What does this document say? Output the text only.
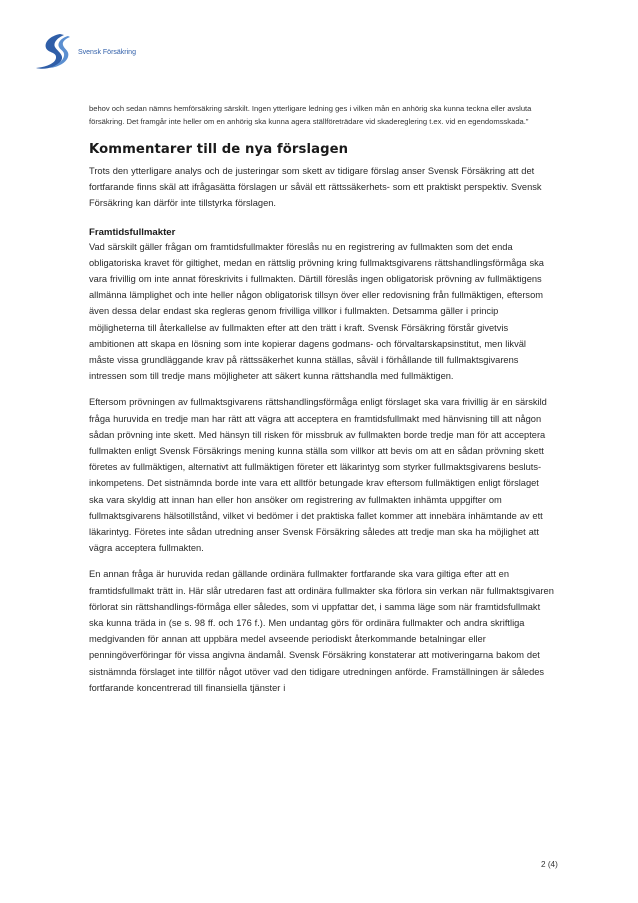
Svensk Försäkring

behov och sedan nämns hemförsäkring särskilt. Ingen ytterligare ledning ges i vilken mån en anhörig ska kunna teckna eller avsluta försäkring. Det framgår inte heller om en anhörig ska kunna agera ställföreträdare vid skadereglering t.ex. vid en egendomsskada.”

Kommentarer till de nya förslagen

Trots den ytterligare analys och de justeringar som skett av tidigare förslag anser Svensk Försäkring att det fortfarande finns skäl att ifrågasätta förslagen ur såväl ett rättssäkerhets- som ett praktiskt perspektiv. Svensk Försäkring kan därför inte tillstyrka förslagen.

Framtidsfullmakter

Vad särskilt gäller frågan om framtidsfullmakter föreslås nu en registrering av fullmakten som det enda obligatoriska kravet för giltighet, medan en rättslig prövning kring fullmaktsgivarens rättshandlingsförmåga ska vara frivillig om inte annat föreskrivits i fullmakten. Därtill föreslås ingen obligatorisk prövning av fullmäktigens allmänna lämplighet och inte heller någon obligatorisk tillsyn över eller redovisning från fullmäktigen, eftersom även dessa delar endast ska regleras genom frivilliga villkor i fullmakten. Detsamma gäller i princip möjligheterna till återkallelse av fullmakten efter att den trätt i kraft. Svensk Försäkring förstår givetvis ambitionen att skapa en lösning som inte kopierar dagens godmans- och förvaltarskapsinstitut, men likväl måste vissa grundläggande krav på rättssäkerhet kunna ställas, såväl i förhållande till fullmaktsgivarens intressen som till tredje mans möjligheter att säkert kunna rättshandla med fullmäktigen.

Eftersom prövningen av fullmaktsgivarens rättshandlingsförmåga enligt förslaget ska vara frivillig är en särskild fråga huruvida en tredje man har rätt att vägra att acceptera en framtidsfullmakt med hänvisning till att någon sådan prövning inte skett. Med hänsyn till risken för missbruk av fullmakten borde tredje man för att acceptera fullmakten enligt Svensk Försäkrings mening kunna ställa som villkor att bevis om att en sådan prövning skett företes av fullmäktigen, alternativt att fullmäktigen företer ett läkarintyg som styrker fullmaktsgivarens besluts-inkompetens. Det sistnämnda borde inte vara ett alltför betungade krav eftersom fullmäktigen enligt förslaget ska vara skyldig att innan han eller hon ansöker om registrering av fullmakten inhämta uppgifter om fullmaktsgivarens hälsotillstånd, vilket vi bedömer i det praktiska fallet kommer att innebära inhämtande av ett läkarintyg. Företes inte sådan utredning anser Svensk Försäkring således att tredje man ska ha möjlighet att vägra acceptera fullmakten.

En annan fråga är huruvida redan gällande ordinära fullmakter fortfarande ska vara giltiga efter att en framtidsfullmakt trätt in. Här slår utredaren fast att ordinära fullmakter ska förlora sin verkan när fullmaktsgivaren förlorat sin rättshandlings-förmåga eller således, som vi uppfattar det, i samma läge som när framtidsfullmakt ska kunna träda in (se s. 98 ff. och 176 f.). Men undantag görs för ordinära fullmakter och andra skriftliga medgivanden för annan att uppbära medel avseende periodiskt återkommande betalningar eller penningöverföringar för vissa angivna ändamål. Svensk Försäkring konstaterar att motiveringarna bakom det sistnämnda förslaget inte tillför något utöver vad den tidigare utredningen anförde. Framställningen är således fortfarande koncentrerad till finansiella tjänster i

2 (4)
